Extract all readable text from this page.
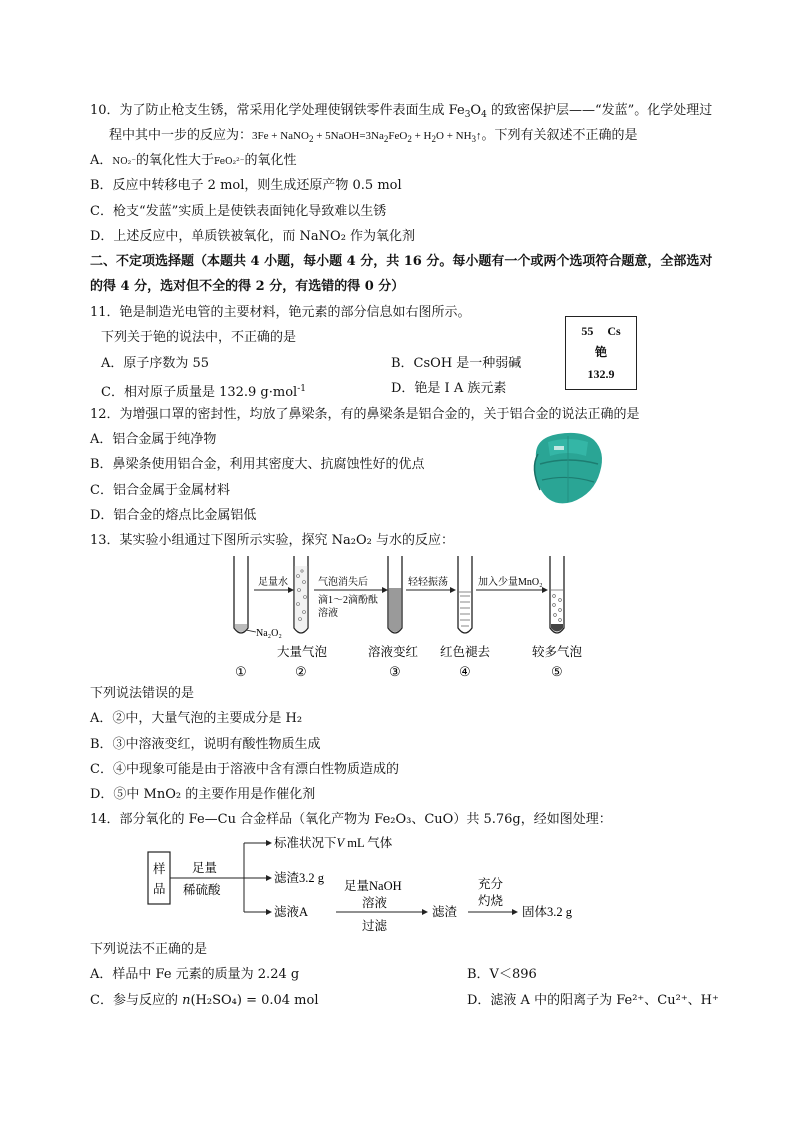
10．为了防止枪支生锈，常采用化学处理使钢铁零件表面生成 $Fe_3O_4$ 的致密保护层——“发蓝”。化学处理过
程中其中一步的反应为：3Fe + NaNO$_2$ + $5NaOH=3Na_2FeO_2 + H_2O$ + $NH_3↑$。下列有关叙述不正确的是
A．NO₂⁻的氧化性大于FeO₂²⁻的氧化性
B．反应中转移电子 2 mol，则生成还原产物 0.5 mol
C．枪支“发蓝”实质上是使铁表面钝化导致难以生锈
D．上述反应中，单质铁被氧化，而 NaNO₂ 作为氧化剂
二、不定项选择题（本题共 4 小题，每小题 4 分，共 16 分。每小题有一个或两个选项符合题意，全部选对
的得 4 分，选对但不全的得 2 分，有选错的得 0 分）
11．铯是制造光电管的主要材料，铯元素的部分信息如右图所示。
下列关于铯的说法中，不正确的是
A．原子序数为 55	B．CsOH 是一种弱碱
C．相对原子质量是 132.9 g·mol$^{-1}$	D．铯是 I A 族元素
55 Cs
铯
132.9
12．为增强口罩的密封性，均放了鼻梁条，有的鼻梁条是铝合金的，关于铝合金的说法正确的是
A．铝合金属于纯净物
B．鼻梁条使用铝合金，利用其密度大、抗腐蚀性好的优点
C．铝合金属于金属材料
D．铝合金的熔点比金属铝低
13．某实验小组通过下图所示实验，探究 Na₂O₂ 与水的反应：
Na₂O₂
足量水	气泡消失后
滴1～2滴酚酞
溶液
轻轻振荡	加入少量MnO₂
大量气泡	溶液变红 红色褪去	较多气泡
①	②	③	④	⑤
下列说法错误的是
A．②中，大量气泡的主要成分是 H₂
B．③中溶液变红，说明有酸性物质生成
C．④中现象可能是由于溶液中含有漂白性物质造成的
D．⑤中 MnO₂ 的主要作用是作催化剂
14．部分氧化的 Fe—Cu 合金样品（氧化产物为 Fe₂O₃、CuO）共 5.76g，经如图处理：
样
品
足量
稀硫酸
标准状况下V mL 气体
滤渣3.2 g
滤液A
足量NaOH
溶液
过滤
滤渣
充分
灼烧
固体3.2 g
下列说法不正确的是
A．样品中 Fe 元素的质量为 2.24 g	B．V＜896
C．参与反应的 n(H₂SO₄) = 0.04 mol	D．滤液 A 中的阳离子为 Fe²⁺、Cu²⁺、H⁺
